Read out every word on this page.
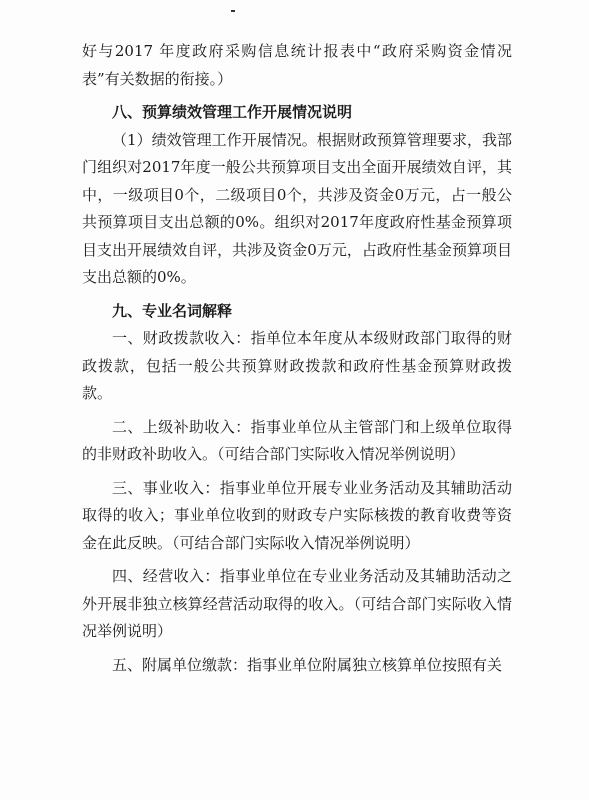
好与2017 年度政府采购信息统计报表中“政府采购资金情况表”有关数据的衔接。）

八、预算绩效管理工作开展情况说明

（1）绩效管理工作开展情况。根据财政预算管理要求，我部门组织对2017年度一般公共预算项目支出全面开展绩效自评，其中，一级项目0个，二级项目0个，共涉及资金0万元，占一般公共预算项目支出总额的0%。组织对2017年度政府性基金预算项目支出开展绩效自评，共涉及资金0万元，占政府性基金预算项目支出总额的0%。

九、专业名词解释

一、财政拨款收入：指单位本年度从本级财政部门取得的财政拨款，包括一般公共预算财政拨款和政府性基金预算财政拨款。

二、上级补助收入：指事业单位从主管部门和上级单位取得的非财政补助收入。（可结合部门实际收入情况举例说明）

三、事业收入：指事业单位开展专业业务活动及其辅助活动取得的收入；事业单位收到的财政专户实际核拨的教育收费等资金在此反映。（可结合部门实际收入情况举例说明）

四、经营收入：指事业单位在专业业务活动及其辅助活动之外开展非独立核算经营活动取得的收入。（可结合部门实际收入情况举例说明）

五、附属单位缴款：指事业单位附属独立核算单位按照有关
